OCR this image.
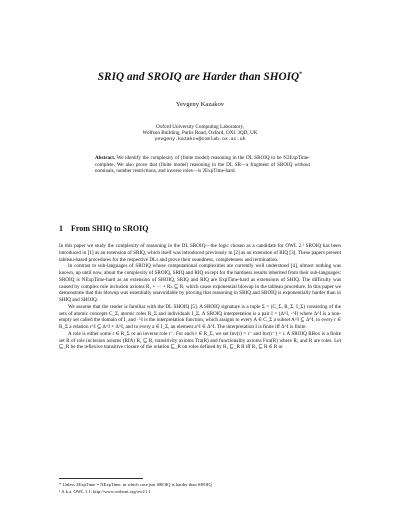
SRIQ and SROIQ are Harder than SHOIQ*
Yevgeny Kazakov
Oxford University Computing Laboratory,
Wolfson Building, Parks Road, Oxford, OX1 3QD, UK
yevgeny.kazakov@comlab.ox.ac.uk
Abstract. We identify the complexity of (finite model) reasoning in the DL SROIQ to be N2ExpTime-complete. We also prove that (finite model) reasoning in the DL SR—a fragment of SROIQ without nominals, number restrictions, and inverse roles—is 2ExpTime-hard.
1 From SHIQ to SROIQ

In this paper we study the complexity of reasoning in the DL SROIQ—the logic chosen as a candidate for OWL 2.¹ SROIQ has been introduced in [1] as an extension of SRIQ, which itself was introduced previously in [2] as an extension of RIQ [3]. These papers present tableau-based procedures for the respective DLs and prove their soundness, completeness and termination.

In contrast to sub-languages of SROIQ whose computational complexities are currently well understood [4], almost nothing was known, up until now, about the complexity of SROIQ, SRIQ and RIQ except for the hardness results inherited from their sub-languages: SROIQ is NExpTime-hard as an extension of SHOIQ, SRIQ and RIQ are ExpTime-hard as extensions of SHIQ. The difficulty was caused by complex role inclusion axioms R₁ ∘ ··· ∘ Rₙ ⊑ R, which cause exponential blowup in the tableau procedure. In this paper we demonstrate that this blowup was essentially unavoidable by proving that reasoning in SRIQ and SROIQ is exponentially harder than in SHIQ and SHOIQ.

We assume that the reader is familiar with the DL SHOIQ [5]. A SROIQ signature is a tuple Σ = (C_Σ, R_Σ, I_Σ) consisting of the sets of atomic concepts C_Σ, atomic roles R_Σ and individuals I_Σ. A SROIQ interpretation is a pair I = (Δ^I, ·^I) where Δ^I is a non-empty set called the domain of I, and ·^I is the interpretation function, which assigns to every A ∈ C_Σ a subset A^I ⊆ Δ^I, to every r ∈ R_Σ a relation r^I ⊆ Δ^I × Δ^I, and to every a ∈ I_Σ, an element a^I ∈ Δ^I. The interpretation I is finite iff Δ^I is finite.

A role is either some r ∈ R_Σ or an inverse role r⁻. For each r ∈ R_Σ, we set Inv(r) = r⁻ and Inv(r⁻) = r. A SROIQ RBox is a finite set R of role inclusion axioms (RIA) R₁ ⊑ R, transitivity axioms Tra(R) and functionality axioms Fun(R) where R₁ and R are roles. Let ⊑_R be the reflexive transitive closure of the relation ⊑_R on roles defined by R₁ ⊑_R R iff R₁ ⊑ R ∈ R or

* Unless 2ExpTime = NExpTime, in which case just SROIQ is harder than SHOIQ
¹ A.k.a. OWL 1.1: http://www.webont.org/owl/1.1
